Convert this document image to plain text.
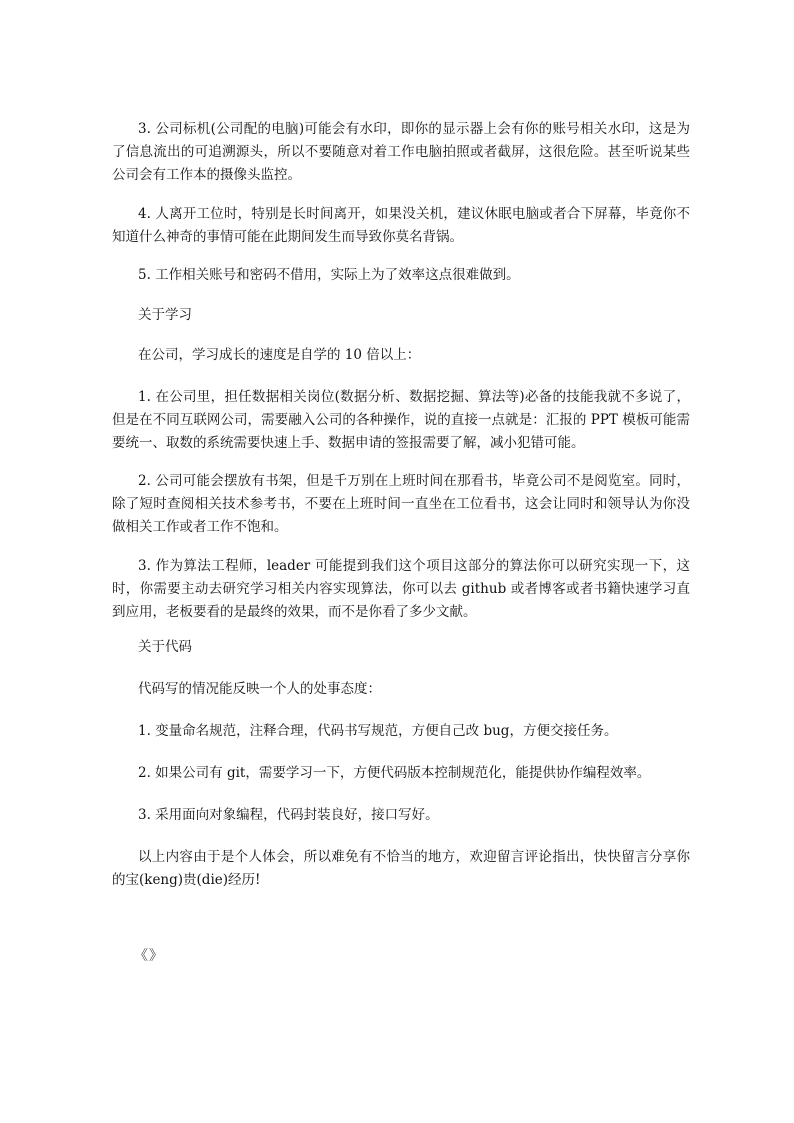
3. 公司标机(公司配的电脑)可能会有水印，即你的显示器上会有你的账号相关水印，这是为了信息流出的可追溯源头，所以不要随意对着工作电脑拍照或者截屏，这很危险。甚至听说某些公司会有工作本的摄像头监控。

4. 人离开工位时，特别是长时间离开，如果没关机，建议休眠电脑或者合下屏幕，毕竟你不知道什么神奇的事情可能在此期间发生而导致你莫名背锅。

5. 工作相关账号和密码不借用，实际上为了效率这点很难做到。

关于学习

在公司，学习成长的速度是自学的 10 倍以上：

1. 在公司里，担任数据相关岗位(数据分析、数据挖掘、算法等)必备的技能我就不多说了，但是在不同互联网公司，需要融入公司的各种操作，说的直接一点就是：汇报的 PPT 模板可能需要统一、取数的系统需要快速上手、数据申请的签报需要了解，减小犯错可能。

2. 公司可能会摆放有书架，但是千万别在上班时间在那看书，毕竟公司不是阅览室。同时，除了短时查阅相关技术参考书，不要在上班时间一直坐在工位看书，这会让同时和领导认为你没做相关工作或者工作不饱和。

3. 作为算法工程师，leader 可能提到我们这个项目这部分的算法你可以研究实现一下，这时，你需要主动去研究学习相关内容实现算法，你可以去 github 或者博客或者书籍快速学习直到应用，老板要看的是最终的效果，而不是你看了多少文献。

关于代码

代码写的情况能反映一个人的处事态度：

1. 变量命名规范，注释合理，代码书写规范，方便自己改 bug，方便交接任务。

2. 如果公司有 git，需要学习一下，方便代码版本控制规范化，能提供协作编程效率。

3. 采用面向对象编程，代码封装良好，接口写好。

以上内容由于是个人体会，所以难免有不恰当的地方，欢迎留言评论指出，快快留言分享你的宝(keng)贵(die)经历!

《》
